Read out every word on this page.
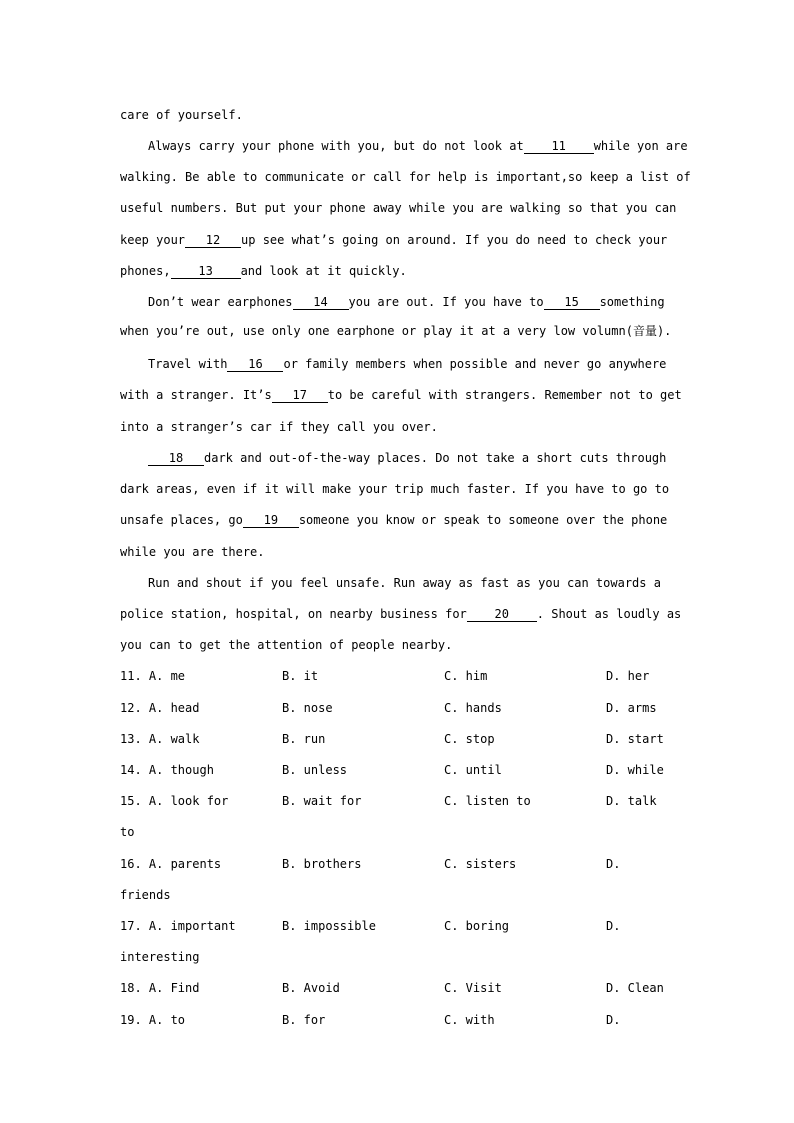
care of yourself.

Always carry your phone with you, but do not look at 11 while yon are

walking. Be able to communicate or call for help is important,so keep a list of

useful numbers. But put your phone away while you are walking so that you can

keep your 12 up see what’s going on around. If you do need to check your

phones, 13 and look at it quickly.

Don’t wear earphones 14 you are out. If you have to 15 something

when you’re out, use only one earphone or play it at a very low volumn(音量).

Travel with 16 or family members when possible and never go anywhere

with a stranger. It’s 17 to be careful with strangers. Remember not to get

into a stranger’s car if they call you over.

18 dark and out-of-the-way places. Do not take a short cuts through

dark areas, even if it will make your trip much faster. If you have to go to

unsafe places, go 19 someone you know or speak to someone over the phone

while you are there.

Run and shout if you feel unsafe. Run away as fast as you can towards a

police station, hospital, on nearby business for 20 . Shout as loudly as

you can to get the attention of people nearby.

11. A. me	B. it	C. him	D. her
12. A. head	B. nose	C. hands	D. arms
13. A. walk	B. run	C. stop	D. start
14. A. though	B. unless	C. until	D. while
15. A. look for	B. wait for	C. listen to	D. talk
to
16. A. parents	B. brothers	C. sisters	D.
friends
17. A. important	B. impossible	C. boring	D.
interesting
18. A. Find	B. Avoid	C. Visit	D. Clean
19. A. to	B. for	C. with	D.
